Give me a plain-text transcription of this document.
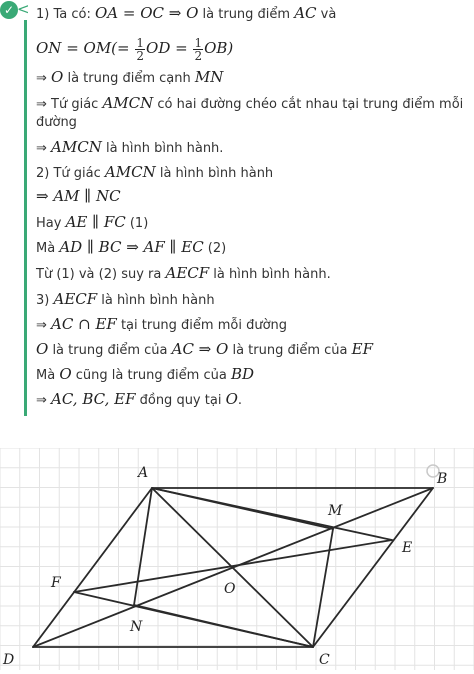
✓ < 1) Ta có: OA = OC ⇒ O là trung điểm AC và
ON = $OM(= \frac{1}{2}$ OD = $\frac{1}{2} OB$)
⇒ O là trung điểm cạnh MN
⇒ Tứ giác AMCN có hai đường chéo cắt nhau tại trung điểm mỗi đường
⇒ AMCN là hình bình hành.
2) Tứ giác AMCN là hình bình hành
⇒ AM ∥ NC
Hay AE ∥ FC (1)
Mà AD ∥ BC ⇒ AF ∥ EC (2)
Từ (1) và (2) suy ra AECF là hình bình hành.
3) AECF là hình bình hành
⇒ AC ∩ EF tại trung điểm mỗi đường
O là trung điểm của AC ⇒ O là trung điểm của EF
Mà O cũng là trung điểm của BD
⇒ AC, BC, EF đồng quy tại O.
A	B
C
D
E
F
M
N
O
